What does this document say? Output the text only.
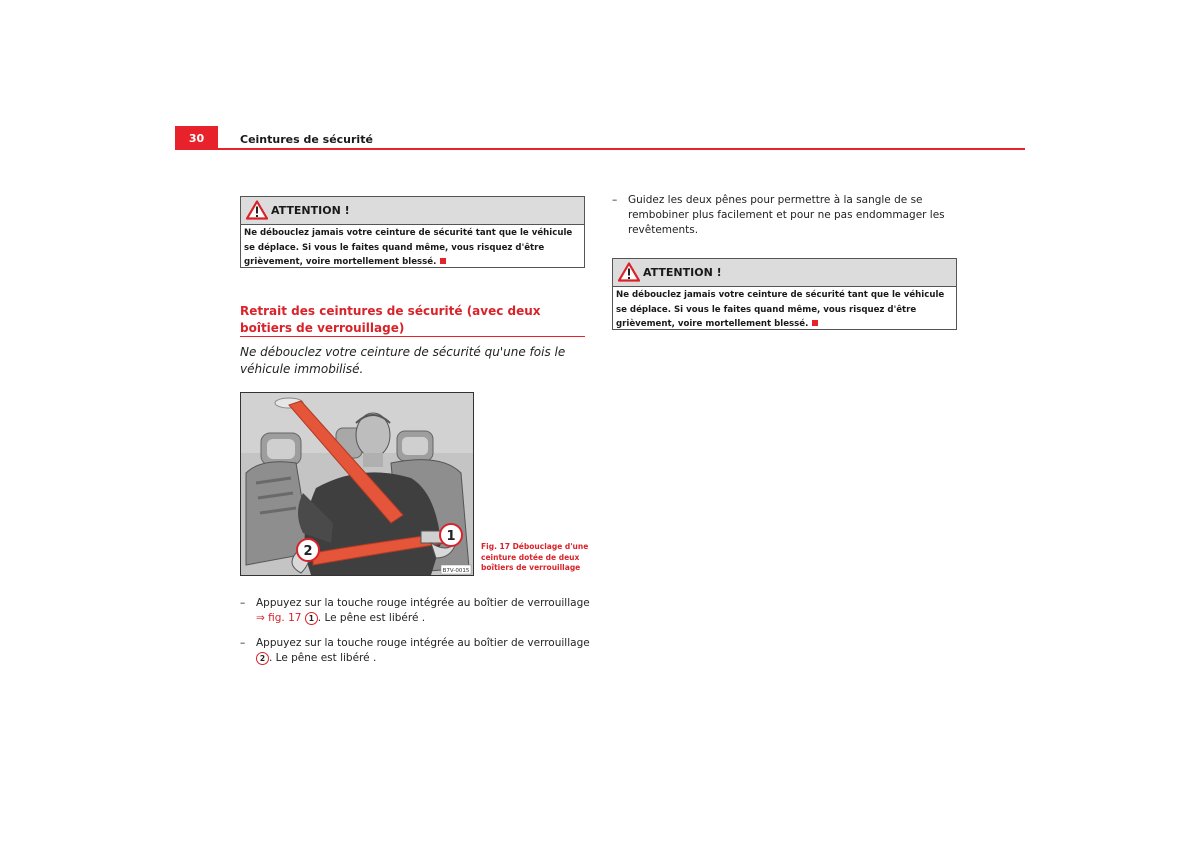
30	Ceintures de sécurité
ATTENTION !
Ne débouclez jamais votre ceinture de sécurité tant que le véhicule se déplace. Si vous le faites quand même, vous risquez d'être grièvement, voire mortellement blessé.
Retrait des ceintures de sécurité (avec deux boîtiers de verrouillage)
Ne débouclez votre ceinture de sécurité qu'une fois le véhicule immobilisé.
1
2
B7V-0015
Fig. 17 Débouclage d'une ceinture dotée de deux boîtiers de verrouillage
– Appuyez sur la touche rouge intégrée au boîtier de verrouillage
⇒ fig. 17 1 . Le pêne est libéré .
– Appuyez sur la touche rouge intégrée au boîtier de verrouillage
2 . Le pêne est libéré .
– Guidez les deux pênes pour permettre à la sangle de se rembobiner plus facilement et pour ne pas endommager les revêtements.
ATTENTION !
Ne débouclez jamais votre ceinture de sécurité tant que le véhicule se déplace. Si vous le faites quand même, vous risquez d'être grièvement, voire mortellement blessé.
